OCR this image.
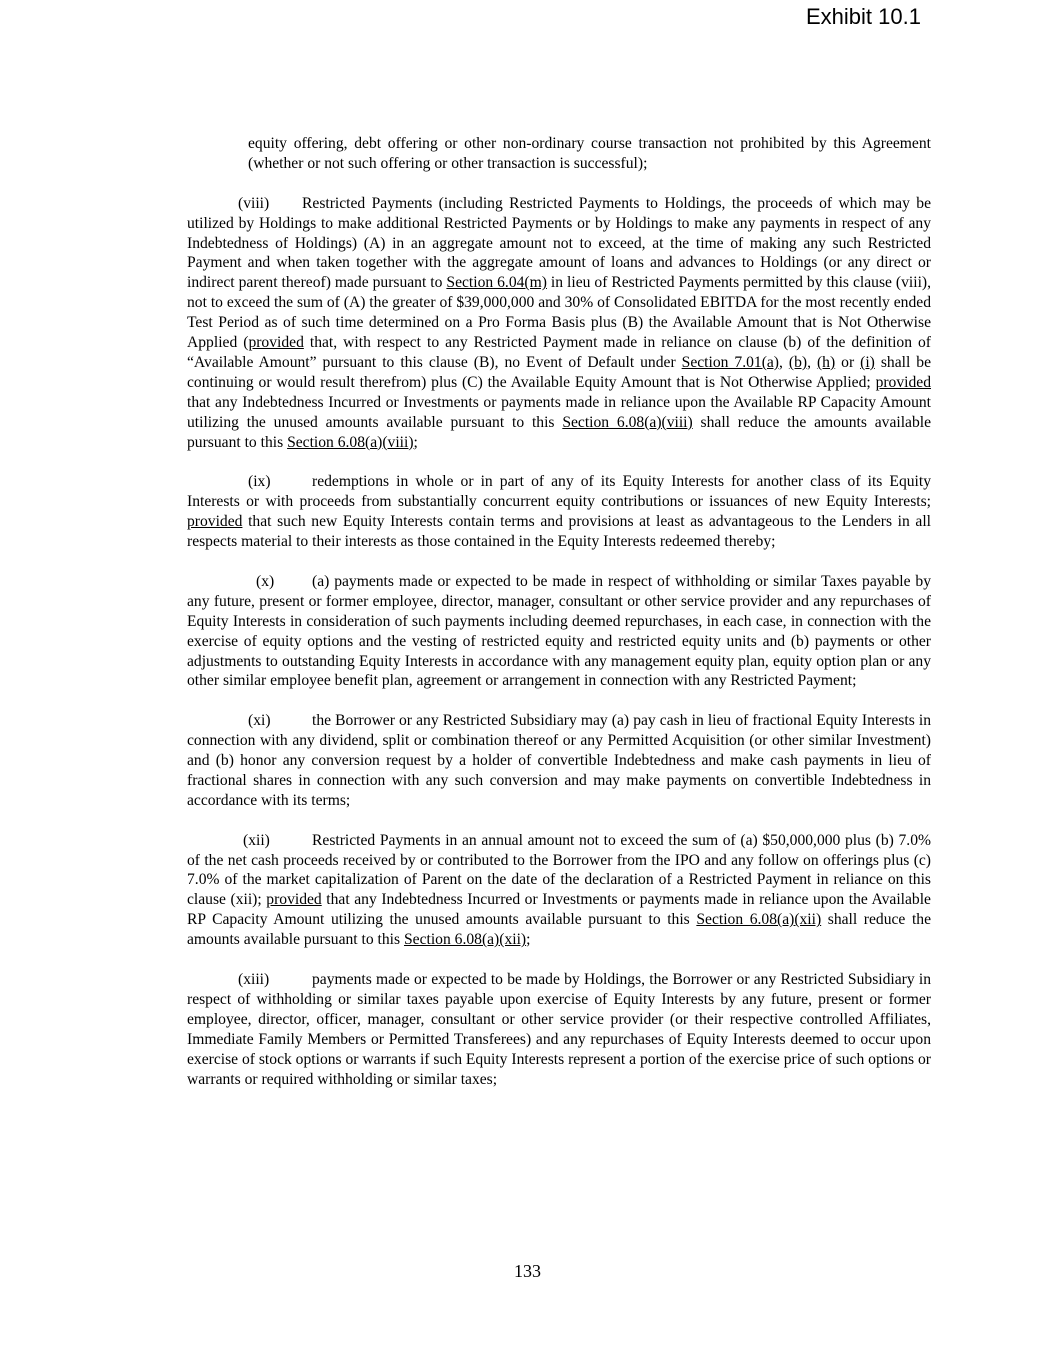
Exhibit 10.1

equity offering, debt offering or other non-ordinary course transaction not prohibited by this Agreement (whether or not such offering or other transaction is successful);

(viii) Restricted Payments (including Restricted Payments to Holdings, the proceeds of which may be utilized by Holdings to make additional Restricted Payments or by Holdings to make any payments in respect of any Indebtedness of Holdings) (A) in an aggregate amount not to exceed, at the time of making any such Restricted Payment and when taken together with the aggregate amount of loans and advances to Holdings (or any direct or indirect parent thereof) made pursuant to Section 6.04(m) in lieu of Restricted Payments permitted by this clause (viii), not to exceed the sum of (A) the greater of $39,000,000 and 30% of Consolidated EBITDA for the most recently ended Test Period as of such time determined on a Pro Forma Basis plus (B) the Available Amount that is Not Otherwise Applied (provided that, with respect to any Restricted Payment made in reliance on clause (b) of the definition of “Available Amount” pursuant to this clause (B), no Event of Default under Section 7.01(a), (b), (h) or (i) shall be continuing or would result therefrom) plus (C) the Available Equity Amount that is Not Otherwise Applied; provided that any Indebtedness Incurred or Investments or payments made in reliance upon the Available RP Capacity Amount utilizing the unused amounts available pursuant to this Section 6.08(a)(viii) shall reduce the amounts available pursuant to this Section 6.08(a)(viii);

(ix)	redemptions in whole or in part of any of its Equity Interests for another class of its Equity Interests or with proceeds from substantially concurrent equity contributions or issuances of new Equity Interests; provided that such new Equity Interests contain terms and provisions at least as advantageous to the Lenders in all respects material to their interests as those contained in the Equity Interests redeemed thereby;

(x) (a) payments made or expected to be made in respect of withholding or similar Taxes payable by any future, present or former employee, director, manager, consultant or other service provider and any repurchases of Equity Interests in consideration of such payments including deemed repurchases, in each case, in connection with the exercise of equity options and the vesting of restricted equity and restricted equity units and (b) payments or other adjustments to outstanding Equity Interests in accordance with any management equity plan, equity option plan or any other similar employee benefit plan, agreement or arrangement in connection with any Restricted Payment;

(xi)	the Borrower or any Restricted Subsidiary may (a) pay cash in lieu of fractional Equity Interests in connection with any dividend, split or combination thereof or any Permitted Acquisition (or other similar Investment) and (b) honor any conversion request by a holder of convertible Indebtedness and make cash payments in lieu of fractional shares in connection with any such conversion and may make payments on convertible Indebtedness in accordance with its terms;

(xii)	Restricted Payments in an annual amount not to exceed the sum of (a) $50,000,000 plus (b) 7.0% of the net cash proceeds received by or contributed to the Borrower from the IPO and any follow on offerings plus (c) 7.0% of the market capitalization of Parent on the date of the declaration of a Restricted Payment in reliance on this clause (xii); provided that any Indebtedness Incurred or Investments or payments made in reliance upon the Available RP Capacity Amount utilizing the unused amounts available pursuant to this Section 6.08(a)(xii) shall reduce the amounts available pursuant to this Section 6.08(a)(xii);

(xiii)	payments made or expected to be made by Holdings, the Borrower or any Restricted Subsidiary in respect of withholding or similar taxes payable upon exercise of Equity Interests by any future, present or former employee, director, officer, manager, consultant or other service provider (or their respective controlled Affiliates, Immediate Family Members or Permitted Transferees) and any repurchases of Equity Interests deemed to occur upon exercise of stock options or warrants if such Equity Interests represent a portion of the exercise price of such options or warrants or required withholding or similar taxes;

133
